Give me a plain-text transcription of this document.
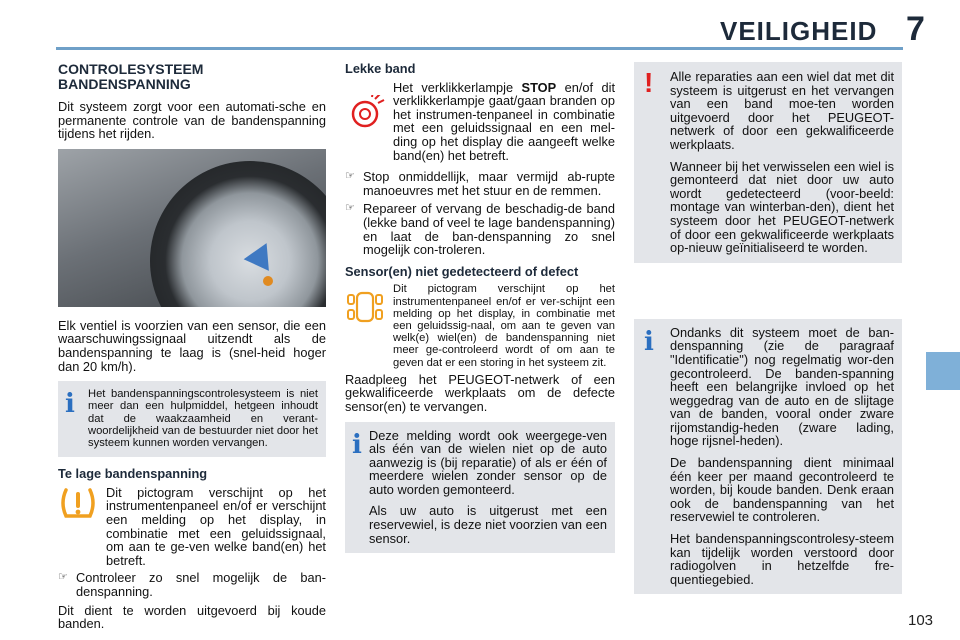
VEILIGHEID 7
103
CONTROLESYSTEEM BANDENSPANNING

Dit systeem zorgt voor een automati-sche en permanente controle van de bandenspanning tijdens het rijden.

Elk ventiel is voorzien van een sensor, die een waarschuwingssignaal uitzendt als de bandenspanning te laag is (snel-heid hoger dan 20 km/h).

i Het bandenspanningscontrolesysteem is niet meer dan een hulpmiddel, hetgeen inhoudt dat de waakzaamheid en verant-woordelijkheid van de bestuurder niet door het systeem kunnen worden vervangen.

Te lage bandenspanning

Dit pictogram verschijnt op het instrumentenpaneel en/of er verschijnt een melding op het display, in combinatie met een geluidssignaal, om aan te ge-ven welke band(en) het betreft.

☞ Controleer zo snel mogelijk de ban-denspanning.

Dit dient te worden uitgevoerd bij koude banden.

Lekke band

Het verklikkerlampje STOP en/of dit verklikkerlampje gaat/gaan branden op het instrumen-tenpaneel in combinatie met een geluidssignaal en een mel-ding op het display die aangeeft welke band(en) het betreft.

☞ Stop onmiddellijk, maar vermijd ab-rupte manoeuvres met het stuur en de remmen.
☞ Repareer of vervang de beschadig-de band (lekke band of veel te lage bandenspanning) en laat de ban-denspanning zo snel mogelijk con-troleren.
Sensor(en) niet gedetecteerd of defect

Dit pictogram verschijnt op het instrumentenpaneel en/of er ver-schijnt een melding op het display, in combinatie met een geluidssig-naal, om aan te geven van welk(e) wiel(en) de bandenspanning niet meer ge-controleerd wordt of om aan te geven dat er een storing in het systeem zit.

Raadpleeg het PEUGEOT-netwerk of een gekwalificeerde werkplaats om de defecte sensor(en) te vervangen.

i Deze melding wordt ook weergege-ven als één van de wielen niet op de auto aanwezig is (bij reparatie) of als er één of meerdere wielen zonder sensor op de auto worden gemonteerd.

Als uw auto is uitgerust met een reservewiel, is deze niet voorzien van een sensor.

! Alle reparaties aan een wiel dat met dit systeem is uitgerust en het vervangen van een band moe-ten worden uitgevoerd door het PEUGEOT-netwerk of door een gekwalificeerde werkplaats.

Wanneer bij het verwisselen een wiel is gemonteerd dat niet door uw auto wordt gedetecteerd (voor-beeld: montage van winterban-den), dient het systeem door het PEUGEOT-netwerk of door een gekwalificeerde werkplaats op-nieuw geïnitialiseerd te worden.

i Ondanks dit systeem moet de ban-denspanning (zie de paragraaf "Identificatie") nog regelmatig wor-den gecontroleerd. De banden-spanning heeft een belangrijke invloed op het weggedrag van de auto en de slijtage van de banden, vooral onder zware rijomstandig-heden (zware lading, hoge rijsnel-heden).

De bandenspanning dient minimaal één keer per maand gecontroleerd te worden, bij koude banden. Denk eraan ook de bandenspanning van het reservewiel te controleren.

Het bandenspanningscontrolesy-steem kan tijdelijk worden verstoord door radiogolven in hetzelfde fre-quentiegebied.
